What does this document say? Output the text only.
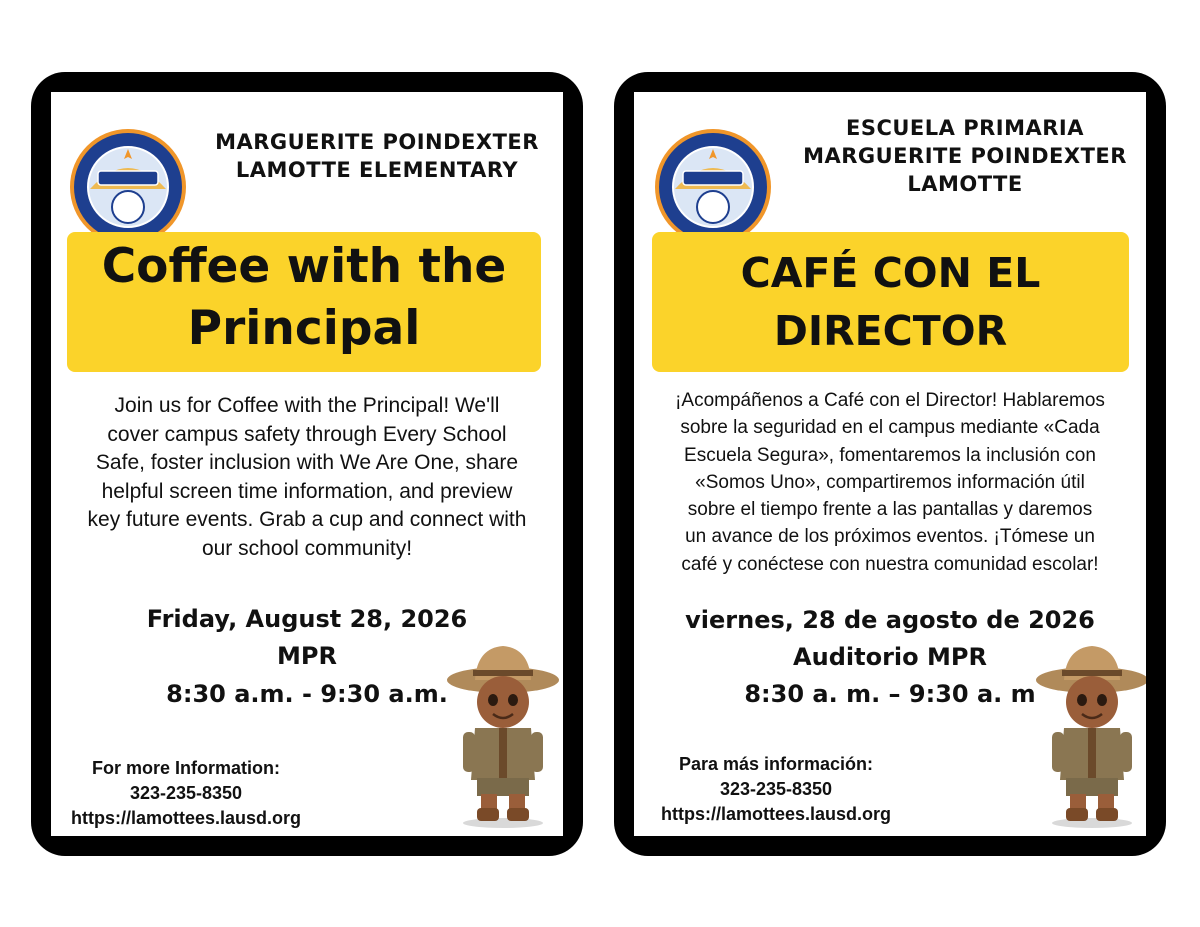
MARGUERITE POINDEXTER
LAMOTTE ELEMENTARY
Coffee with the
Principal
Join us for Coffee with the Principal! We'll
cover campus safety through Every School
Safe, foster inclusion with We Are One, share
helpful screen time information, and preview
key future events. Grab a cup and connect with
our school community!
Friday, August 28, 2026
MPR
8:30 a.m. - 9:30 a.m.
For more Information:
323-235-8350
https://lamottees.lausd.org
ESCUELA PRIMARIA
MARGUERITE POINDEXTER
LAMOTTE
CAFÉ CON EL
DIRECTOR
¡Acompáñenos a Café con el Director! Hablaremos
sobre la seguridad en el campus mediante «Cada
Escuela Segura», fomentaremos la inclusión con
«Somos Uno», compartiremos información útil
sobre el tiempo frente a las pantallas y daremos
un avance de los próximos eventos. ¡Tómese un
café y conéctese con nuestra comunidad escolar!
viernes, 28 de agosto de 2026
Auditorio MPR
8:30 a. m. – 9:30 a. m
Para más información:
323-235-8350
https://lamottees.lausd.org
